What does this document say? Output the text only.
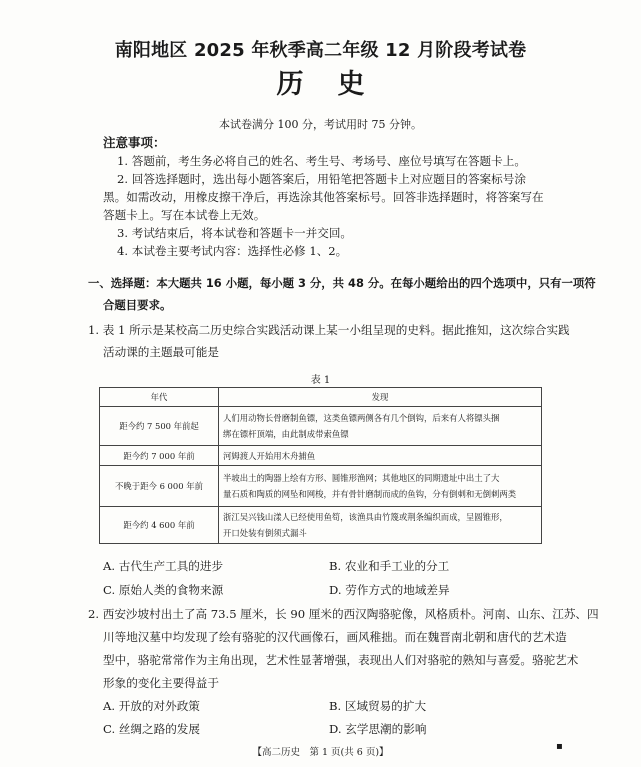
南阳地区 2025 年秋季高二年级 12 月阶段考试卷
历史
本试卷满分 100 分，考试用时 75 分钟。
注意事项：
1. 答题前，考生务必将自己的姓名、考生号、考场号、座位号填写在答题卡上。
2. 回答选择题时，选出每小题答案后，用铅笔把答题卡上对应题目的答案标号涂
黑。如需改动，用橡皮擦干净后，再选涂其他答案标号。回答非选择题时，将答案写在
答题卡上。写在本试卷上无效。
3. 考试结束后，将本试卷和答题卡一并交回。
4. 本试卷主要考试内容：选择性必修 1、2。
一、选择题：本大题共 16 小题，每小题 3 分，共 48 分。在每小题给出的四个选项中，只有一项符
合题目要求。
1. 表 1 所示是某校高二历史综合实践活动课上某一小组呈现的史料。据此推知，这次综合实践
活动课的主题最可能是
表 1
年代	发现
距今约 7 500 年前起	人们用动物长骨磨制鱼镖，这类鱼镖两侧各有几个倒钩，后来有人将镖头捆
绑在镖杆顶端，由此制成带索鱼镖

距今约 7 000 年前	河姆渡人开始用木舟捕鱼

不晚于距今 6 000 年前	半坡出土的陶器上绘有方形、圆锥形渔网；其他地区的同期遗址中出土了大
量石质和陶质的网坠和网梭，并有骨针磨制而成的鱼钩，分有倒刺和无倒刺两类

距今约 4 600 年前	浙江吴兴钱山漾人已经使用鱼笱，该渔具由竹篾或荆条编织而成，呈圆锥形，
开口处装有倒须式漏斗
A. 古代生产工具的进步	B. 农业和手工业的分工
C. 原始人类的食物来源	D. 劳作方式的地域差异
2. 西安沙坡村出土了高 73.5 厘米，长 90 厘米的西汉陶骆驼像，风格质朴。河南、山东、江苏、四
川等地汉墓中均发现了绘有骆驼的汉代画像石，画风稚拙。而在魏晋南北朝和唐代的艺术造
型中，骆驼常常作为主角出现，艺术性显著增强，表现出人们对骆驼的熟知与喜爱。骆驼艺术
形象的变化主要得益于
A. 开放的对外政策	B. 区域贸易的扩大
C. 丝绸之路的发展	D. 玄学思潮的影响
【高二历史　第 1 页(共 6 页)】
▪
